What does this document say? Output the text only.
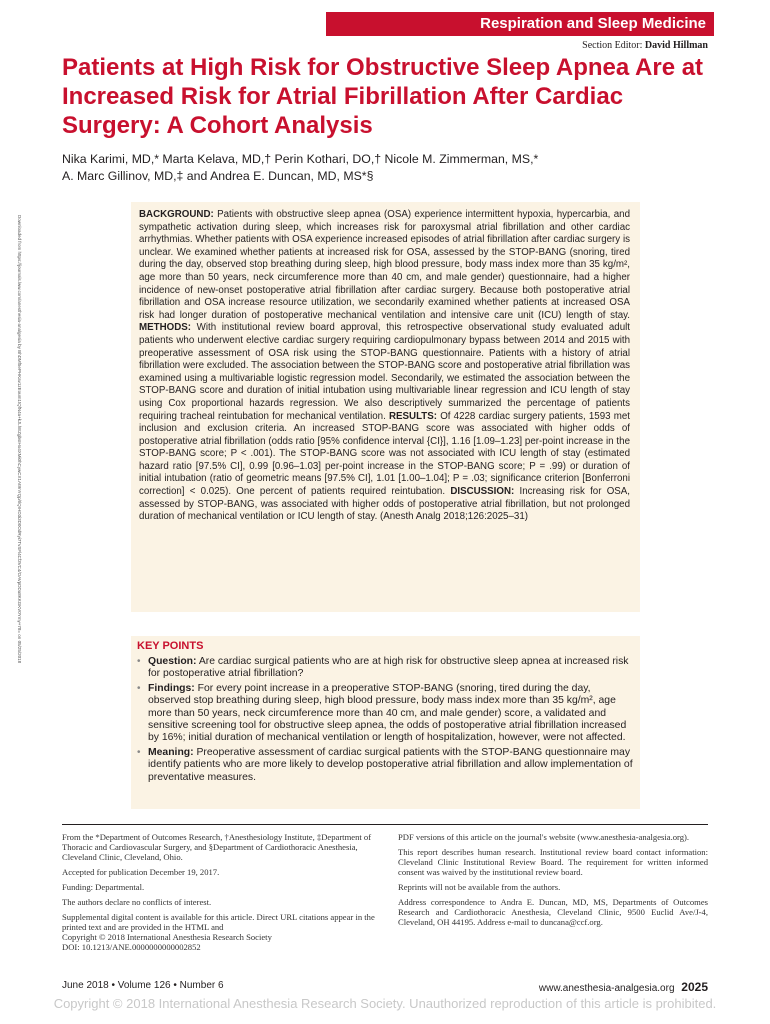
Respiration and Sleep Medicine
Section Editor: David Hillman
Patients at High Risk for Obstructive Sleep Apnea Are at Increased Risk for Atrial Fibrillation After Cardiac Surgery: A Cohort Analysis
Nika Karimi, MD,* Marta Kelava, MD,† Perin Kothari, DO,† Nicole M. Zimmerman, MS,*
A. Marc Gillinov, MD,‡ and Andrea E. Duncan, MD, MS*§
Downloaded from https://journals.lww.com/anesthesia-analgesia by BhDMf5ePHKav1zEoum1tQfN4a+kJLhEZgbsIHo4XMi0hCywCX1AWnYQp/IlQrHD3i3D0OdRyi7TvSFl4Cf3VC4/OAVpDDa8KKGKV0Ymy+78= on 05/25/2018

BACKGROUND: Patients with obstructive sleep apnea (OSA) experience intermittent hypoxia, hypercarbia, and sympathetic activation during sleep, which increases risk for paroxysmal atrial fibrillation and other cardiac arrhythmias. Whether patients with OSA experience increased episodes of atrial fibrillation after cardiac surgery is unclear. We examined whether patients at increased risk for OSA, assessed by the STOP-BANG (snoring, tired during the day, observed stop breathing during sleep, high blood pressure, body mass index more than 35 kg/m², age more than 50 years, neck circumference more than 40 cm, and male gender) questionnaire, had a higher incidence of new-onset postoperative atrial fibrillation after cardiac surgery. Because both postoperative atrial fibrillation and OSA increase resource utilization, we secondarily examined whether patients at increased OSA risk had longer duration of postoperative mechanical ventilation and intensive care unit (ICU) length of stay. METHODS: With institutional review board approval, this retrospective observational study evaluated adult patients who underwent elective cardiac surgery requiring cardiopulmonary bypass between 2014 and 2015 with preoperative assessment of OSA risk using the STOP-BANG questionnaire. Patients with a history of atrial fibrillation were excluded. The association between the STOP-BANG score and postoperative atrial fibrillation was examined using a multivariable logistic regression model. Secondarily, we estimated the association between the STOP-BANG score and duration of initial intubation using multivariable linear regression and ICU length of stay using Cox proportional hazards regression. We also descriptively summarized the percentage of patients requiring tracheal reintubation for mechanical ventilation. RESULTS: Of 4228 cardiac surgery patients, 1593 met inclusion and exclusion criteria. An increased STOP-BANG score was associated with higher odds of postoperative atrial fibrillation (odds ratio [95% confidence interval {CI}], 1.16 [1.09–1.23] per-point increase in the STOP-BANG score; P < .001). The STOP-BANG score was not associated with ICU length of stay (estimated hazard ratio [97.5% CI], 0.99 [0.96–1.03] per-point increase in the STOP-BANG score; P = .99) or duration of initial intubation (ratio of geometric means [97.5% CI], 1.01 [1.00–1.04]; P = .03; significance criterion [Bonferroni correction] < 0.025). One percent of patients required reintubation. DISCUSSION: Increasing risk for OSA, assessed by STOP-BANG, was associated with higher odds of postoperative atrial fibrillation, but not prolonged duration of mechanical ventilation or ICU length of stay. (Anesth Analg 2018;126:2025–31)

KEY POINTS
• Question: Are cardiac surgical patients who are at high risk for obstructive sleep apnea at increased risk for postoperative atrial fibrillation?
• Findings: For every point increase in a preoperative STOP-BANG (snoring, tired during the day, observed stop breathing during sleep, high blood pressure, body mass index more than 35 kg/m², age more than 50 years, neck circumference more than 40 cm, and male gender) score, a validated and sensitive screening tool for obstructive sleep apnea, the odds of postoperative atrial fibrillation increased by 16%; initial duration of mechanical ventilation or length of hospitalization, however, were not affected.
• Meaning: Preoperative assessment of cardiac surgical patients with the STOP-BANG questionnaire may identify patients who are more likely to develop postoperative atrial fibrillation and allow implementation of preventative measures.

From the *Department of Outcomes Research, †Anesthesiology Institute, ‡Department of Thoracic and Cardiovascular Surgery, and §Department of Cardiothoracic Anesthesia, Cleveland Clinic, Cleveland, Ohio.

Accepted for publication December 19, 2017.

Funding: Departmental.

The authors declare no conflicts of interest.

Supplemental digital content is available for this article. Direct URL citations appear in the printed text and are provided in the HTML and

Copyright © 2018 International Anesthesia Research Society

DOI: 10.1213/ANE.0000000000002852

PDF versions of this article on the journal's website (www.anesthesia-analgesia.org).

This report describes human research. Institutional review board contact information: Cleveland Clinic Institutional Review Board. The requirement for written informed consent was waived by the institutional review board.

Reprints will not be available from the authors.

Address correspondence to Andra E. Duncan, MD, MS, Departments of Outcomes Research and Cardiothoracic Anesthesia, Cleveland Clinic, 9500 Euclid Ave/J-4, Cleveland, OH 44195. Address e-mail to duncana@ccf.org.

June 2018 • Volume 126 • Number 6	www.anesthesia-analgesia.org 2025
Copyright © 2018 International Anesthesia Research Society. Unauthorized reproduction of this article is prohibited.
